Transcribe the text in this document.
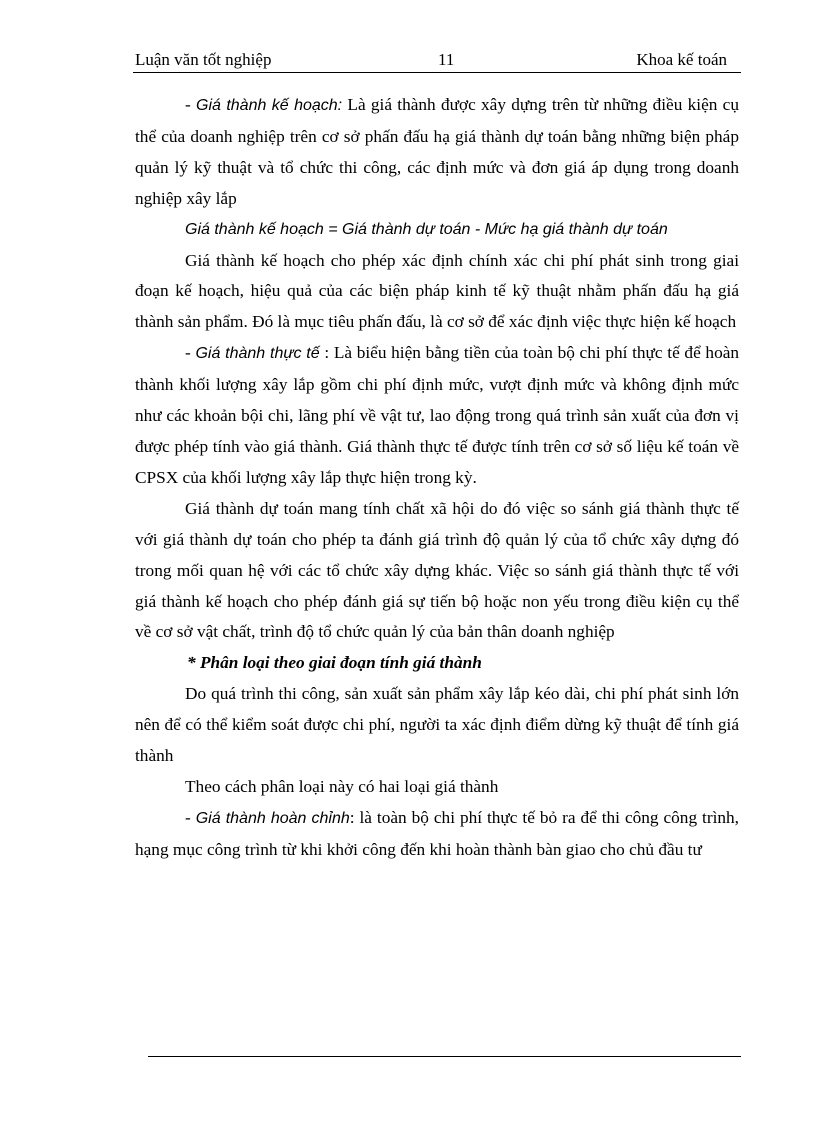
Luận văn tốt nghiệp	11	Khoa kế toán

- Giá thành kế hoạch: Là giá thành được xây dựng trên từ những điều kiện cụ thể của doanh nghiệp trên cơ sở phấn đấu hạ giá thành dự toán bằng những biện pháp quản lý kỹ thuật và tổ chức thi công, các định mức và đơn giá áp dụng trong doanh nghiệp xây lắp

Giá thành kế hoạch = Giá thành dự toán - Mức hạ giá thành dự toán

Giá thành kế hoạch cho phép xác định chính xác chi phí phát sinh trong giai đoạn kế hoạch, hiệu quả của các biện pháp kinh tế kỹ thuật nhằm phấn đấu hạ giá thành sản phẩm. Đó là mục tiêu phấn đấu, là cơ sở để xác định việc thực hiện kế hoạch

- Giá thành thực tế : Là biểu hiện bằng tiền của toàn bộ chi phí thực tế để hoàn thành khối lượng xây lắp gồm chi phí định mức, vượt định mức và không định mức như các khoản bội chi, lãng phí về vật tư, lao động trong quá trình sản xuất của đơn vị được phép tính vào giá thành. Giá thành thực tế được tính trên cơ sở số liệu kế toán về CPSX của khối lượng xây lắp thực hiện trong kỳ.

Giá thành dự toán mang tính chất xã hội do đó việc so sánh giá thành thực tế với giá thành dự toán cho phép ta đánh giá trình độ quản lý của tổ chức xây dựng đó trong mối quan hệ với các tổ chức xây dựng khác. Việc so sánh giá thành thực tế với giá thành kế hoạch cho phép đánh giá sự tiến bộ hoặc non yếu trong điều kiện cụ thể về cơ sở vật chất, trình độ tổ chức quản lý của bản thân doanh nghiệp

* Phân loại theo giai đoạn tính giá thành

Do quá trình thi công, sản xuất sản phẩm xây lắp kéo dài, chi phí phát sinh lớn nên để có thể kiểm soát được chi phí, người ta xác định điểm dừng kỹ thuật để tính giá thành

Theo cách phân loại này có hai loại giá thành

- Giá thành hoàn chỉnh: là toàn bộ chi phí thực tế bỏ ra để thi công công trình, hạng mục công trình từ khi khởi công đến khi hoàn thành bàn giao cho chủ đầu tư
